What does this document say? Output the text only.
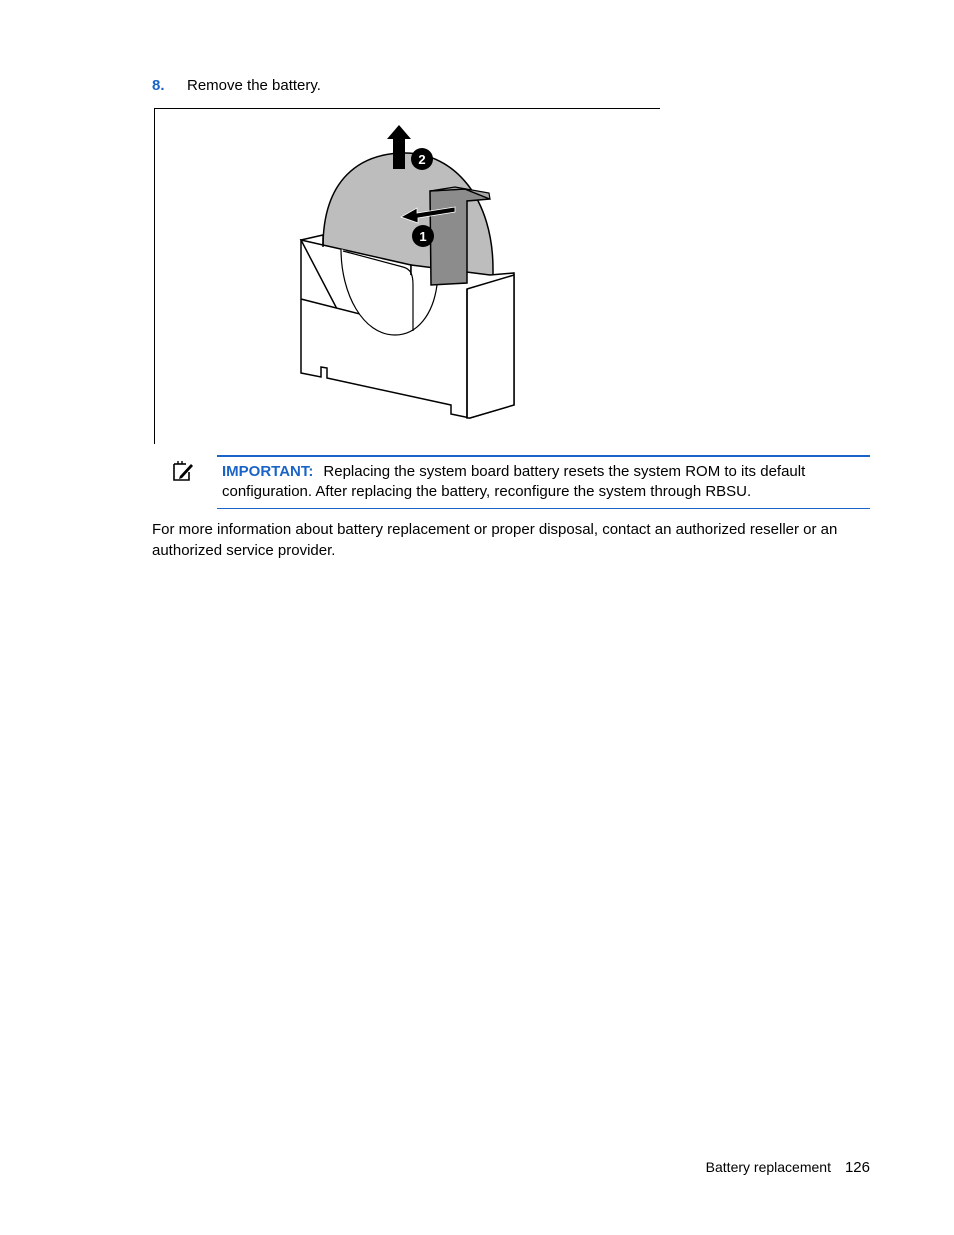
8. Remove the battery.
2
1
IMPORTANT: Replacing the system board battery resets the system ROM to its default configuration. After replacing the battery, reconfigure the system through RBSU.
For more information about battery replacement or proper disposal, contact an authorized reseller or an authorized service provider.
Battery replacement 126
